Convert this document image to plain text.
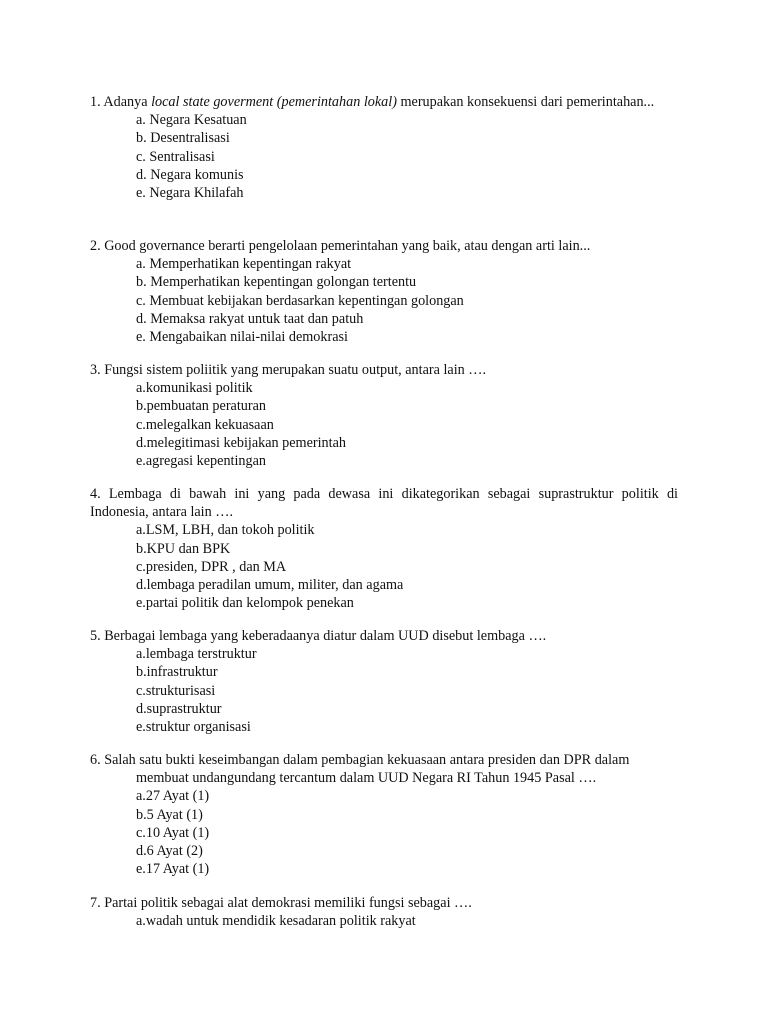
1. Adanya local state goverment (pemerintahan lokal) merupakan konsekuensi dari pemerintahan...

a. Negara Kesatuan

b. Desentralisasi

c. Sentralisasi

d. Negara komunis

e. Negara Khilafah

2. Good governance berarti pengelolaan pemerintahan yang baik, atau dengan arti lain...

a. Memperhatikan kepentingan rakyat

b. Memperhatikan kepentingan golongan tertentu

c. Membuat kebijakan berdasarkan kepentingan golongan

d. Memaksa rakyat untuk taat dan patuh

e. Mengabaikan nilai-nilai demokrasi

3. Fungsi sistem poliitik yang merupakan suatu output, antara lain ….

a.komunikasi politik

b.pembuatan peraturan

c.melegalkan kekuasaan

d.melegitimasi kebijakan pemerintah

e.agregasi kepentingan

4. Lembaga di bawah ini yang pada dewasa ini dikategorikan sebagai suprastruktur politik di Indonesia, antara lain ….

a.LSM, LBH, dan tokoh politik

b.KPU dan BPK

c.presiden, DPR , dan MA

d.lembaga peradilan umum, militer, dan agama

e.partai politik dan kelompok penekan

5. Berbagai lembaga yang keberadaanya diatur dalam UUD disebut lembaga ….

a.lembaga terstruktur

b.infrastruktur

c.strukturisasi

d.suprastruktur

e.struktur organisasi

6. Salah satu bukti keseimbangan dalam pembagian kekuasaan antara presiden dan DPR dalam membuat undangundang tercantum dalam UUD Negara RI Tahun 1945 Pasal ….

a.27 Ayat (1)

b.5 Ayat (1)

c.10 Ayat (1)

d.6 Ayat (2)

e.17 Ayat (1)

7. Partai politik sebagai alat demokrasi memiliki fungsi sebagai ….

a.wadah untuk mendidik kesadaran politik rakyat
